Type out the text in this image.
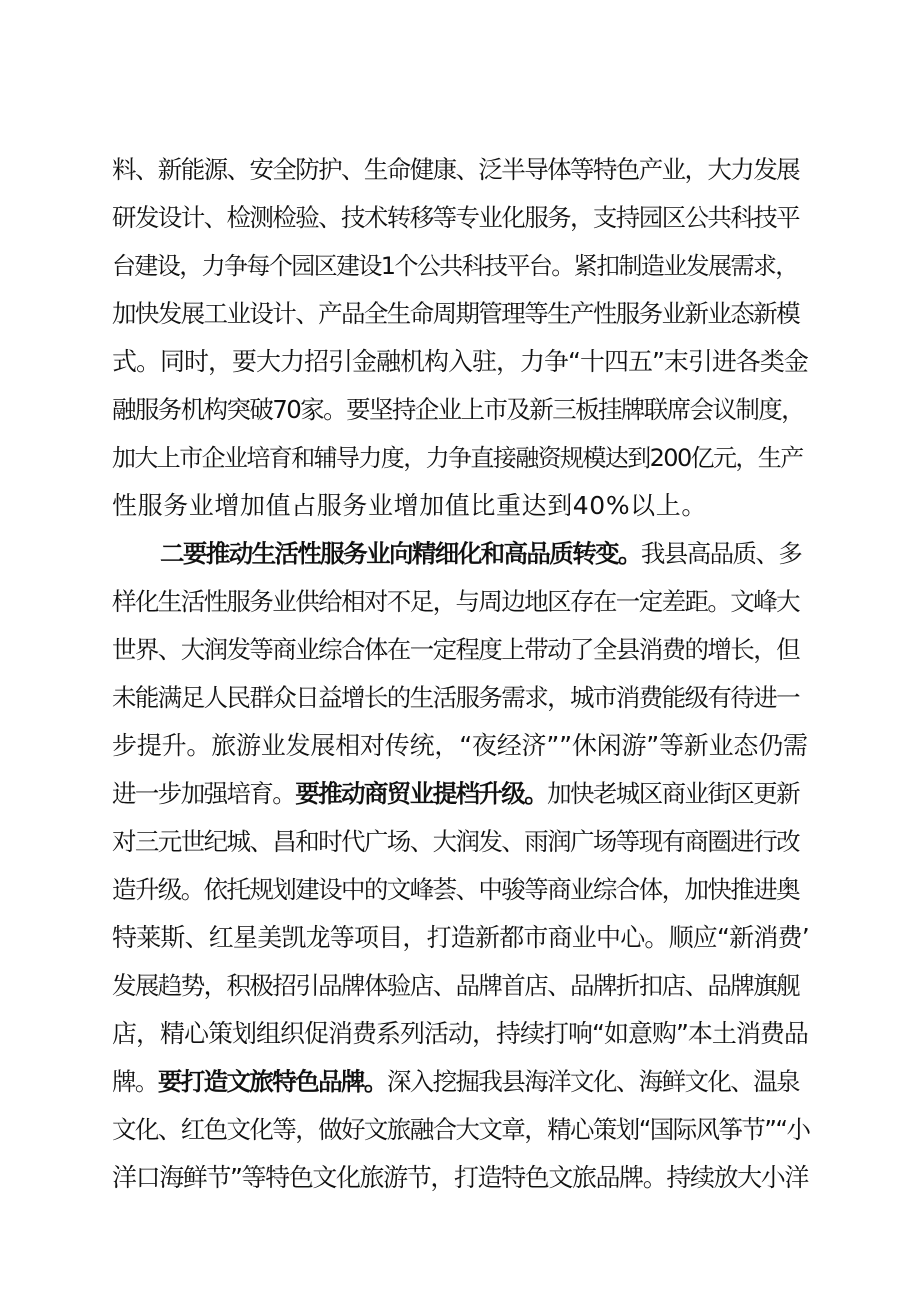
料、新能源、安全防护、生命健康、泛半导体等特色产业，大力发展
研发设计、检测检验、技术转移等专业化服务，支持园区公共科技平
台建设，力争每个园区建设1个公共科技平台。紧扣制造业发展需求，
加快发展工业设计、产品全生命周期管理等生产性服务业新业态新模
式。同时，要大力招引金融机构入驻，力争“十四五”末引进各类金
融服务机构突破70家。要坚持企业上市及新三板挂牌联席会议制度，
加大上市企业培育和辅导力度，力争直接融资规模达到200亿元，生产
性服务业增加值占服务业增加值比重达到40%以上。
二要推动生活性服务业向精细化和高品质转变。我县高品质、多
样化生活性服务业供给相对不足，与周边地区存在一定差距。文峰大
世界、大润发等商业综合体在一定程度上带动了全县消费的增长，但
未能满足人民群众日益增长的生活服务需求，城市消费能级有待进一
步提升。旅游业发展相对传统，“夜经济””休闲游”等新业态仍需
进一步加强培育。要推动商贸业提档升级。加快老城区商业街区更新
对三元世纪城、昌和时代广场、大润发、雨润广场等现有商圈进行改
造升级。依托规划建设中的文峰荟、中骏等商业综合体，加快推进奥
特莱斯、红星美凯龙等项目，打造新都市商业中心。顺应“新消费’
发展趋势，积极招引品牌体验店、品牌首店、品牌折扣店、品牌旗舰
店，精心策划组织促消费系列活动，持续打响“如意购”本土消费品
牌。要打造文旅特色品牌。深入挖掘我县海洋文化、海鲜文化、温泉
文化、红色文化等，做好文旅融合大文章，精心策划“国际风筝节”“小
洋口海鲜节”等特色文化旅游节，打造特色文旅品牌。持续放大小洋
